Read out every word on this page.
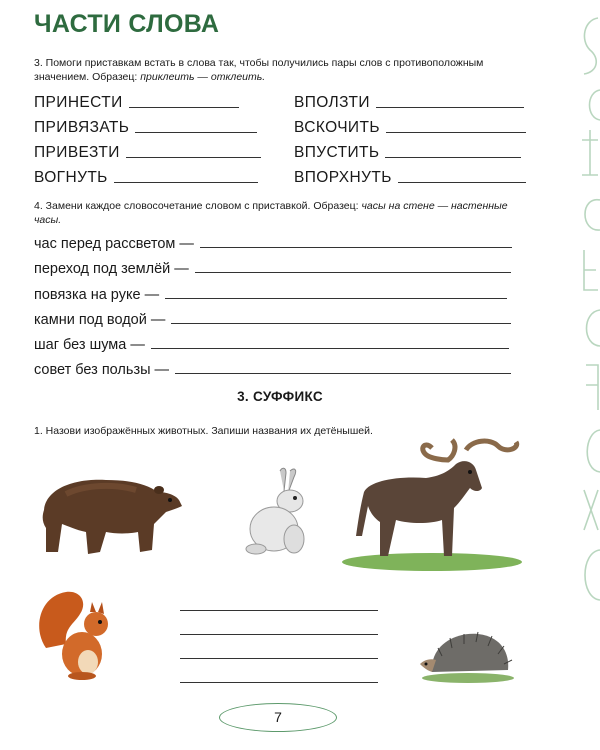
ЧАСТИ СЛОВА
3. Помоги приставкам встать в слова так, чтобы получились пары слов с противоположным значением. Образец: приклеить — отклеить.
ПРИНЕСТИ	ВПОЛЗТИ
ПРИВЯЗАТЬ	ВСКОЧИТЬ
ПРИВЕЗТИ	ВПУСТИТЬ
ВОГНУТЬ	ВПОРХНУТЬ
4. Замени каждое словосочетание словом с приставкой. Образец: часы на стене — настенные часы.
час перед рассветом —
переход под землёй —
повязка на руке —
камни под водой —
шаг без шума —
совет без пользы —
3. СУФФИКС
1. Назови изображённых животных. Запиши названия их детёнышей.
7
